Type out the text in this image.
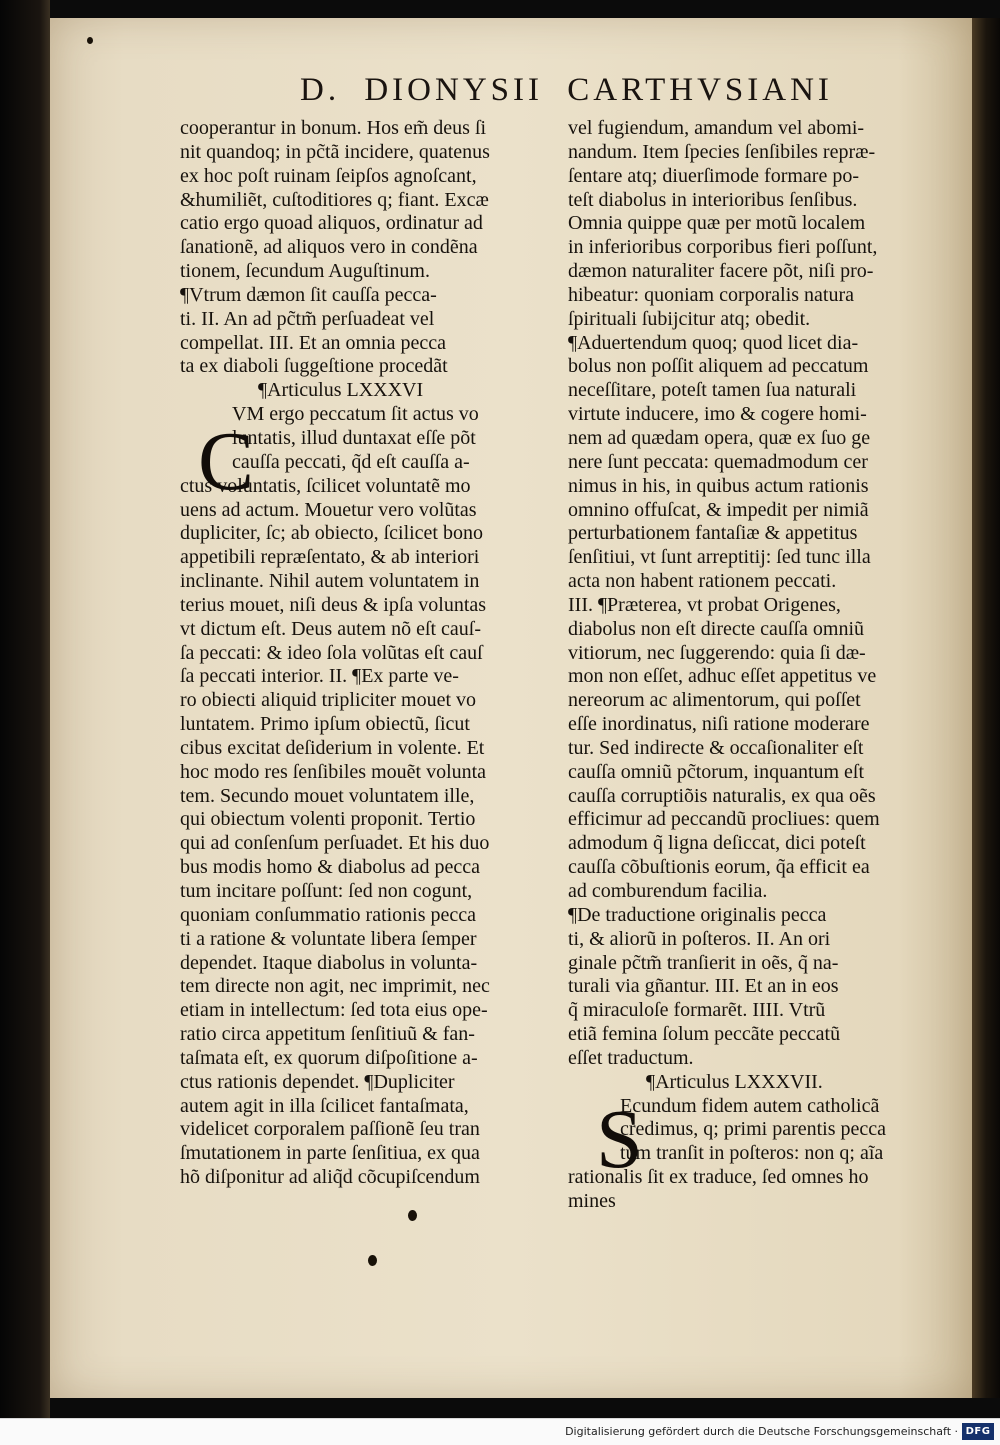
D. DIONYSII CARTHVSIANI
cooperantur in bonum. Hos em̃ deus ſi
nit quandoq; in pc̃tã incidere, quatenus
ex hoc poſt ruinam ſeipſos agnoſcant,
&humiliẽt, cuſtoditiores q; fiant. Excæ
catio ergo quoad aliquos, ordinatur ad
ſanationẽ, ad aliquos vero in condẽna
tionem, ſecundum Auguſtinum.
¶Vtrum dæmon ſit cauſſa pecca-
ti. II. An ad pc̃tm̃ perſuadeat vel
compellat. III. Et an omnia pecca
ta ex diaboli ſuggeſtione procedãt
¶Articulus LXXXVI
VM ergo peccatum ſit actus vo
luntatis, illud duntaxat eſſe põt
cauſſa peccati, q̃d eſt cauſſa a-
ctus voluntatis, ſcilicet voluntatẽ mo
uens ad actum. Mouetur vero volũtas
dupliciter, ſc; ab obiecto, ſcilicet bono
appetibili repræſentato, & ab interiori
inclinante. Nihil autem voluntatem in
terius mouet, niſi deus & ipſa voluntas
vt dictum eſt. Deus autem nõ eſt cauſ-
ſa peccati: & ideo ſola volũtas eſt cauſ
ſa peccati interior. II. ¶Ex parte ve-
ro obiecti aliquid tripliciter mouet vo
luntatem. Primo ipſum obiectũ, ſicut
cibus excitat deſiderium in volente. Et
hoc modo res ſenſibiles mouẽt volunta
tem. Secundo mouet voluntatem ille,
qui obiectum volenti proponit. Tertio
qui ad conſenſum perſuadet. Et his duo
bus modis homo & diabolus ad pecca
tum incitare poſſunt: ſed non cogunt,
quoniam conſummatio rationis pecca
ti a ratione & voluntate libera ſemper
dependet. Itaque diabolus in volunta-
tem directe non agit, nec imprimit, nec
etiam in intellectum: ſed tota eius ope-
ratio circa appetitum ſenſitiuũ & fan-
taſmata eſt, ex quorum diſpoſitione a-
ctus rationis dependet. ¶Dupliciter
autem agit in illa ſcilicet fantaſmata,
videlicet corporalem paſſionẽ ſeu tran
ſmutationem in parte ſenſitiua, ex qua
hõ diſponitur ad aliq̃d cõcupiſcendum
vel fugiendum, amandum vel abomi-
nandum. Item ſpecies ſenſibiles repræ-
ſentare atq; diuerſimode formare po-
teſt diabolus in interioribus ſenſibus.
Omnia quippe quæ per motũ localem
in inferioribus corporibus fieri poſſunt,
dæmon naturaliter facere põt, niſi pro-
hibeatur: quoniam corporalis natura
ſpirituali ſubijcitur atq; obedit.
¶Aduertendum quoq; quod licet dia-
bolus non poſſit aliquem ad peccatum
neceſſitare, poteſt tamen ſua naturali
virtute inducere, imo & cogere homi-
nem ad quædam opera, quæ ex ſuo ge
nere ſunt peccata: quemadmodum cer
nimus in his, in quibus actum rationis
omnino offuſcat, & impedit per nimiã
perturbationem fantaſiæ & appetitus
ſenſitiui, vt ſunt arreptitij: ſed tunc illa
acta non habent rationem peccati.
III. ¶Præterea, vt probat Origenes,
diabolus non eſt directe cauſſa omniũ
vitiorum, nec ſuggerendo: quia ſi dæ-
mon non eſſet, adhuc eſſet appetitus ve
nereorum ac alimentorum, qui poſſet
eſſe inordinatus, niſi ratione moderare
tur. Sed indirecte & occaſionaliter eſt
cauſſa omniũ pc̃torum, inquantum eſt
cauſſa corruptiõis naturalis, ex qua oẽs
efficimur ad peccandũ procliues: quem
admodum q̃ ligna deſiccat, dici poteſt
cauſſa cõbuſtionis eorum, q̃a efficit ea
ad comburendum facilia.
¶De traductione originalis pecca
ti, & aliorũ in poſteros. II. An ori
ginale pc̃tm̃ tranſierit in oẽs, q̃ na-
turali via gñantur. III. Et an in eos
q̃ miraculoſe formarẽt. IIII. Vtrũ
etiã femina ſolum peccãte peccatũ
eſſet traductum.
¶Articulus LXXXVII.
Ecundum fidem autem catholicã
credimus, q; primi parentis pecca
tum tranſit in poſteros: non q; aĩa
rationalis ſit ex traduce, ſed omnes ho
mines
C
S
Digitalisierung gefördert durch die Deutsche Forschungsgemeinschaft · DFG
